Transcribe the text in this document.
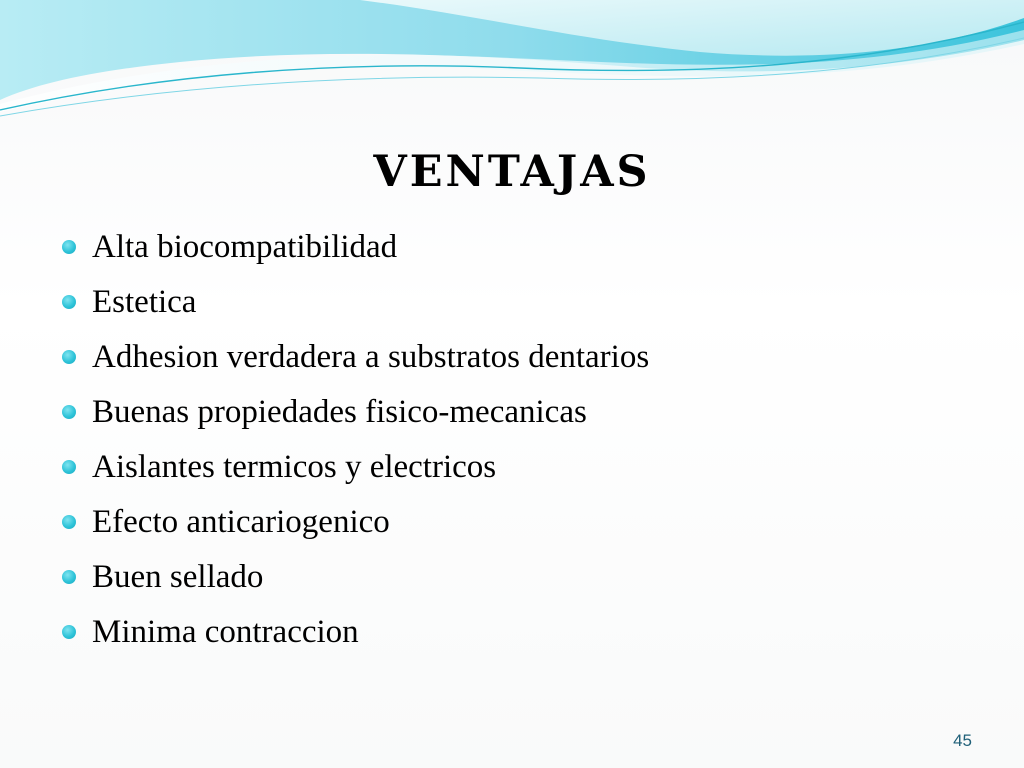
ventajas
Alta biocompatibilidad
Estetica
Adhesion verdadera a substratos dentarios
Buenas propiedades fisico-mecanicas
Aislantes termicos y electricos
Efecto anticariogenico
Buen sellado
Minima contraccion
45
